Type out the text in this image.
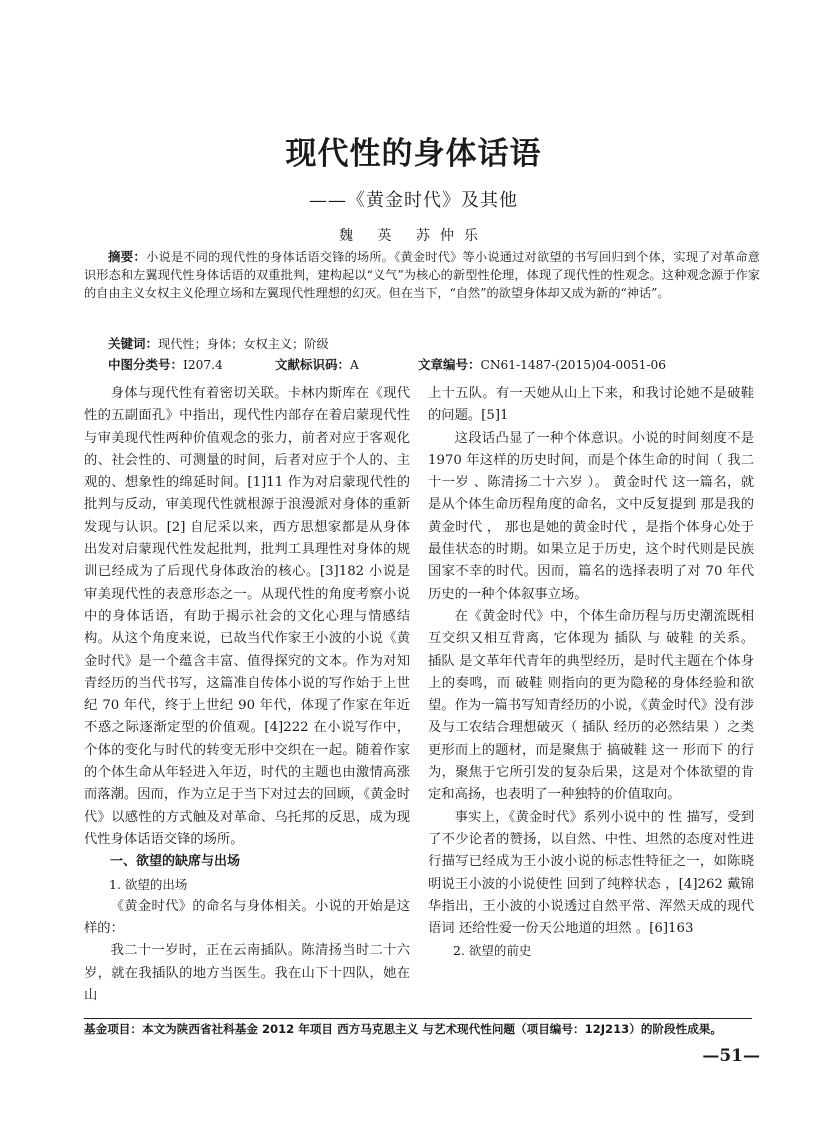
现代性的身体话语
——《黄金时代》及其他
魏 英 苏仲乐
摘要：小说是不同的现代性的身体话语交锋的场所。《黄金时代》等小说通过对欲望的书写回归到个体，实现了对革命意识形态和左翼现代性身体话语的双重批判，建构起以“义气”为核心的新型性伦理，体现了现代性的性观念。这种观念源于作家的自由主义女权主义伦理立场和左翼现代性理想的幻灭。但在当下，“自然”的欲望身体却又成为新的“神话”。
关键词：现代性；身体；女权主义；阶级
中图分类号：I207.4	文献标识码：A	文章编号：CN61-1487-(2015)04-0051-06

身体与现代性有着密切关联。卡林内斯库在《现代性的五副面孔》中指出，现代性内部存在着启蒙现代性与审美现代性两种价值观念的张力，前者对应于客观化的、社会性的、可测量的时间，后者对应于个人的、主观的、想象性的绵延时间。[1]11 作为对启蒙现代性的批判与反动，审美现代性就根源于浪漫派对身体的重新发现与认识。[2] 自尼采以来，西方思想家都是从身体出发对启蒙现代性发起批判，批判工具理性对身体的规训已经成为了后现代身体政治的核心。[3]182 小说是审美现代性的表意形态之一。从现代性的角度考察小说中的身体话语，有助于揭示社会的文化心理与情感结构。从这个角度来说，已故当代作家王小波的小说《黄金时代》是一个蕴含丰富、值得探究的文本。作为对知青经历的当代书写，这篇准自传体小说的写作始于上世纪 70 年代，终于上世纪 90 年代，体现了作家在年近不惑之际逐渐定型的价值观。[4]222 在小说写作中，个体的变化与时代的转变无形中交织在一起。随着作家的个体生命从年轻进入年迈，时代的主题也由激情高涨而落潮。因而，作为立足于当下对过去的回顾，《黄金时代》以感性的方式触及对革命、乌托邦的反思，成为现代性身体话语交锋的场所。

一、欲望的缺席与出场

1. 欲望的出场

《黄金时代》的命名与身体相关。小说的开始是这样的：

我二十一岁时，正在云南插队。陈清扬当时二十六岁，就在我插队的地方当医生。我在山下十四队，她在山

上十五队。有一天她从山上下来，和我讨论她不是破鞋的问题。[5]1

这段话凸显了一种个体意识。小说的时间刻度不是 1970 年这样的历史时间，而是个体生命的时间（ 我二十一岁 、陈清扬二十六岁 ）。 黄金时代 这一篇名，就是从个体生命历程角度的命名，文中反复提到 那是我的黄金时代 ， 那也是她的黄金时代 ，是指个体身心处于最佳状态的时期。如果立足于历史，这个时代则是民族国家不幸的时代。因而，篇名的选择表明了对 70 年代历史的一种个体叙事立场。

在《黄金时代》中，个体生命历程与历史潮流既相互交织又相互背离，它体现为 插队 与 破鞋 的关系。 插队 是文革年代青年的典型经历，是时代主题在个体身上的奏鸣，而 破鞋 则指向的更为隐秘的身体经验和欲望。作为一篇书写知青经历的小说，《黄金时代》没有涉及与工农结合理想破灭（ 插队 经历的必然结果 ）之类更形而上的题材，而是聚焦于 搞破鞋 这一 形而下 的行为，聚焦于它所引发的复杂后果，这是对个体欲望的肯定和高扬，也表明了一种独特的价值取向。

事实上，《黄金时代》系列小说中的 性 描写，受到了不少论者的赞扬，以自然、中性、坦然的态度对性进行描写已经成为王小波小说的标志性特征之一，如陈晓明说王小波的小说使性 回到了纯粹状态 ，[4]262 戴锦华指出，王小波的小说透过自然平常、浑然天成的现代语词 还给性爱一份天公地道的坦然 。[6]163

2. 欲望的前史

基金项目：本文为陕西省社科基金 2012 年项目 西方马克思主义 与艺术现代性问题（项目编号：12J213）的阶段性成果。
—51—
